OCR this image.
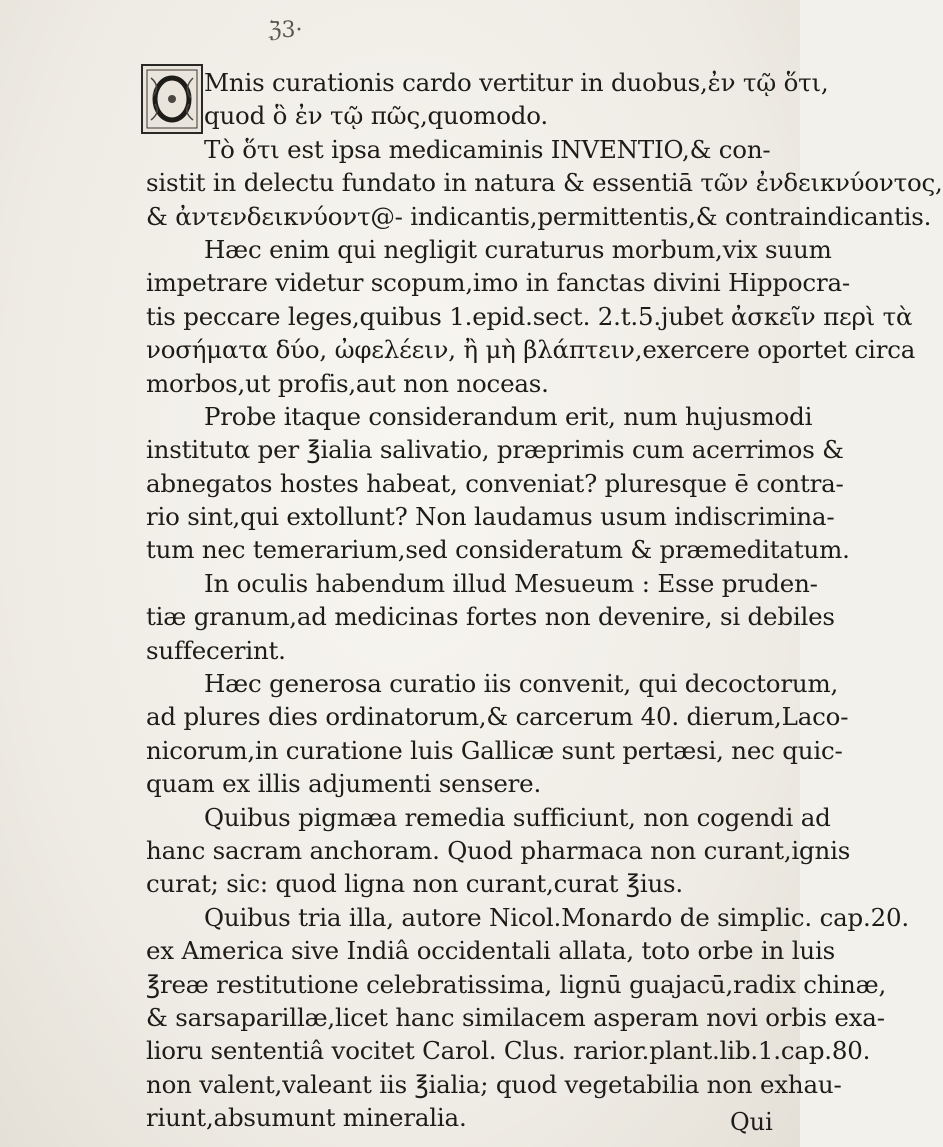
ℨ3·
Mnis curationis cardo vertitur in duobus,ἐν τῷ ὅτι,
quod ὃ ἐν τῷ πῶς,quomodo.
Τὸ ὅτι est ipsa medicaminis INVENTIO,& con-
sistit in delectu fundato in natura & essentiā τῶν ἐνδεικνύοντος,
& ἀντενδεικνύοντ@- indicantis,permittentis,& contraindicantis.
Hæc enim qui negligit curaturus morbum,vix suum
impetrare videtur scopum,imo in fanctas divini Hippocra-
tis peccare leges,quibus 1.epid.sect. 2.t.5.jubet ἀσκεῖν περὶ τὰ
νοσήματα δύο, ὠφελέειν, ἢ μὴ βλάπτειν,exercere oportet circa
morbos,ut profis,aut non noceas.
Probe itaque considerandum erit, num hujusmodi
institutα per ℥ialia salivatio, præprimis cum acerrimos &
abnegatos hostes habeat, conveniat? pluresque ē contra-
rio sint,qui extollunt? Non laudamus usum indiscrimina-
tum nec temerarium,sed consideratum & præmeditatum.
In oculis habendum illud Mesueum : Esse pruden-
tiæ granum,ad medicinas fortes non devenire, si debiles
suffecerint.
Hæc generosa curatio iis convenit, qui decoctorum,
ad plures dies ordinatorum,& carcerum 40. dierum,Laco-
nicorum,in curatione luis Gallicæ sunt pertæsi, nec quic-
quam ex illis adjumenti senserе.
Quibus pigmæa remedia sufficiunt, non cogendi ad
hanc sacram anchoram. Quod pharmaca non curant,ignis
curat; sic: quod ligna non curant,curat ℥ius.
Quibus tria illa, autore Nicol.Monardo de simplic. cap.20.
ex America sive Indiâ occidentali allata, toto orbe in luis
℥reæ restitutione celebratissima, lignū guajacū,radix chinæ,
& sarsaparillæ,licet hanc similacem asperam novi orbis exa-
lioru sententiâ vocitet Carol. Clus. rarior.plant.lib.1.cap.80.
non valent,valeant iis ℥ialia; quod vegetabilia non exhau-
riunt,absumunt mineralia.	Qui
